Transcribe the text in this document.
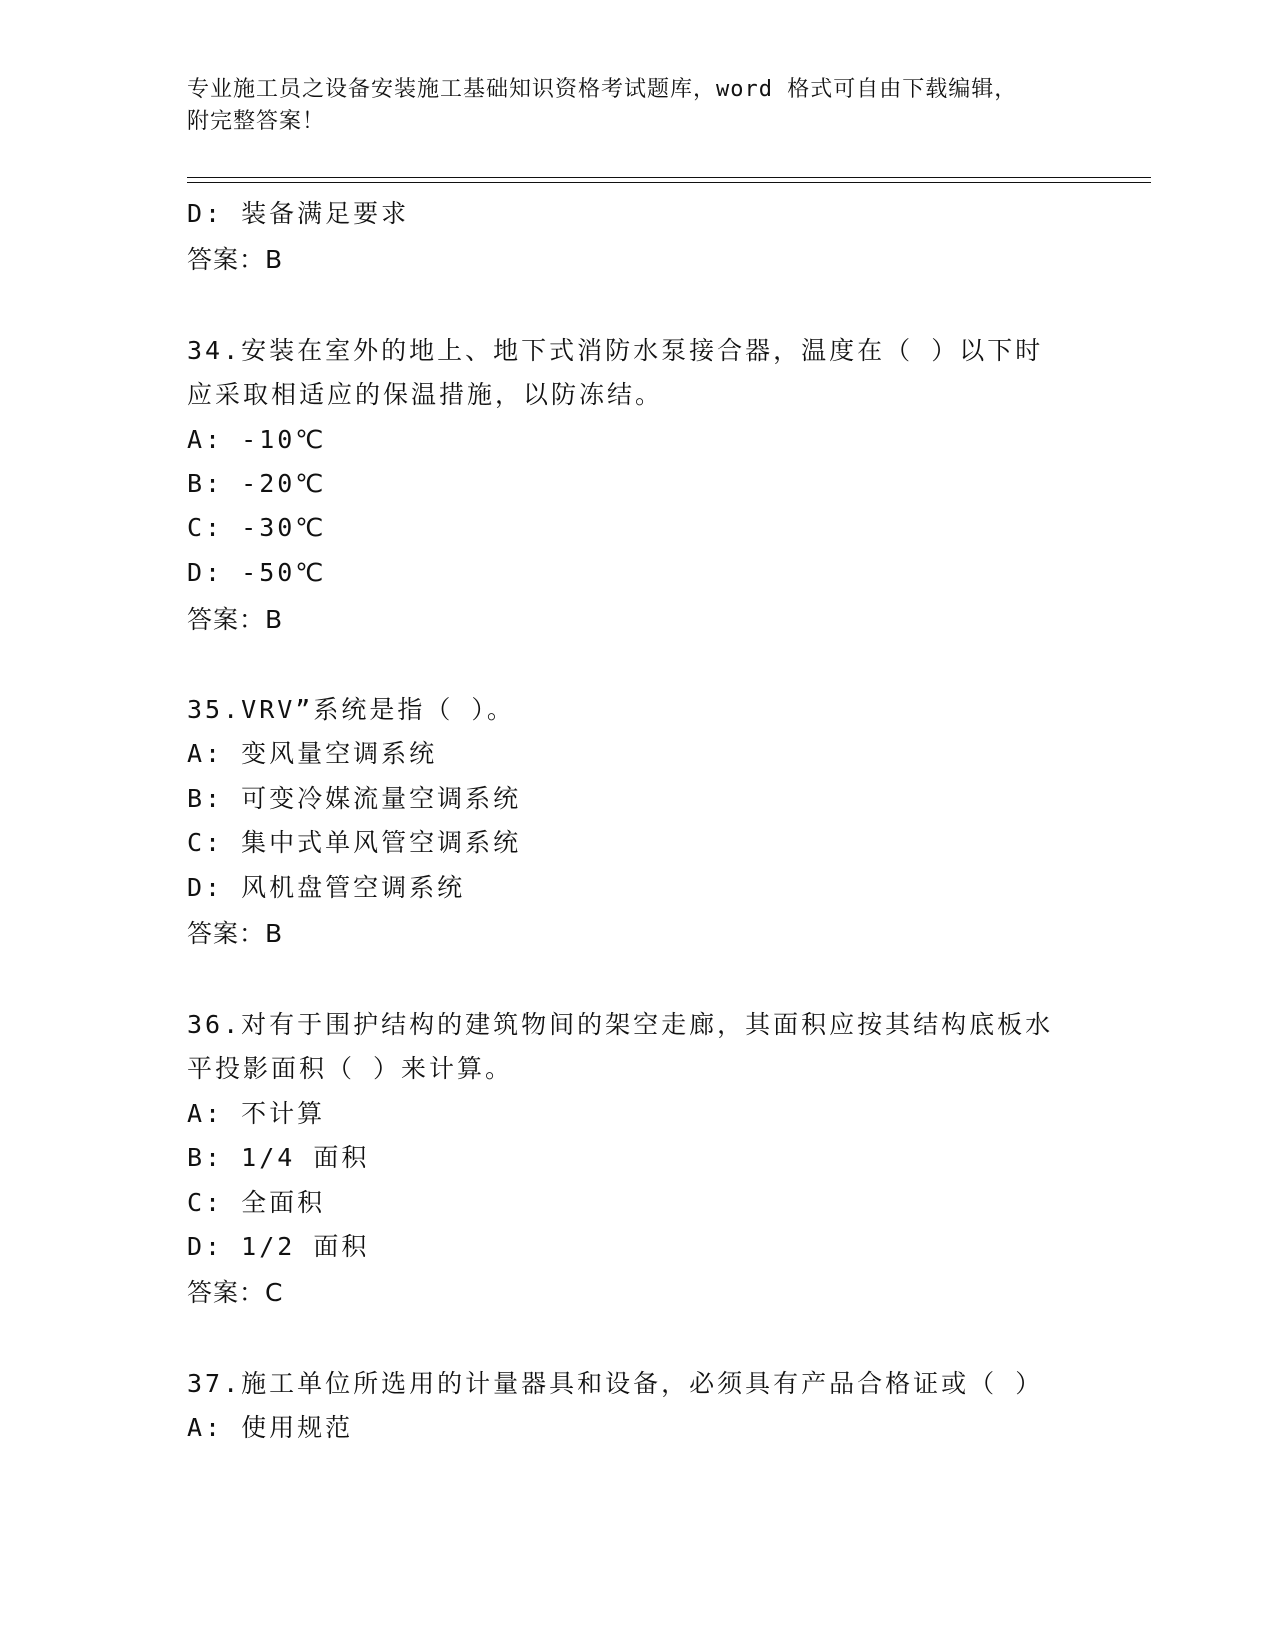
专业施工员之设备安装施工基础知识资格考试题库，word 格式可自由下载编辑，
附完整答案！
D: 装备满足要求
答案：B
34.安装在室外的地上、地下式消防水泵接合器，温度在（ ）以下时
应采取相适应的保温措施，以防冻结。
A: -10℃
B: -20℃
C: -30℃
D: -50℃
答案：B
35.VRV”系统是指（ ）。
A: 变风量空调系统
B: 可变冷媒流量空调系统
C: 集中式单风管空调系统
D: 风机盘管空调系统
答案：B
36.对有于围护结构的建筑物间的架空走廊，其面积应按其结构底板水
平投影面积（ ）来计算。
A: 不计算
B: 1/4 面积
C: 全面积
D: 1/2 面积
答案：C
37.施工单位所选用的计量器具和设备，必须具有产品合格证或（ ）
A: 使用规范
